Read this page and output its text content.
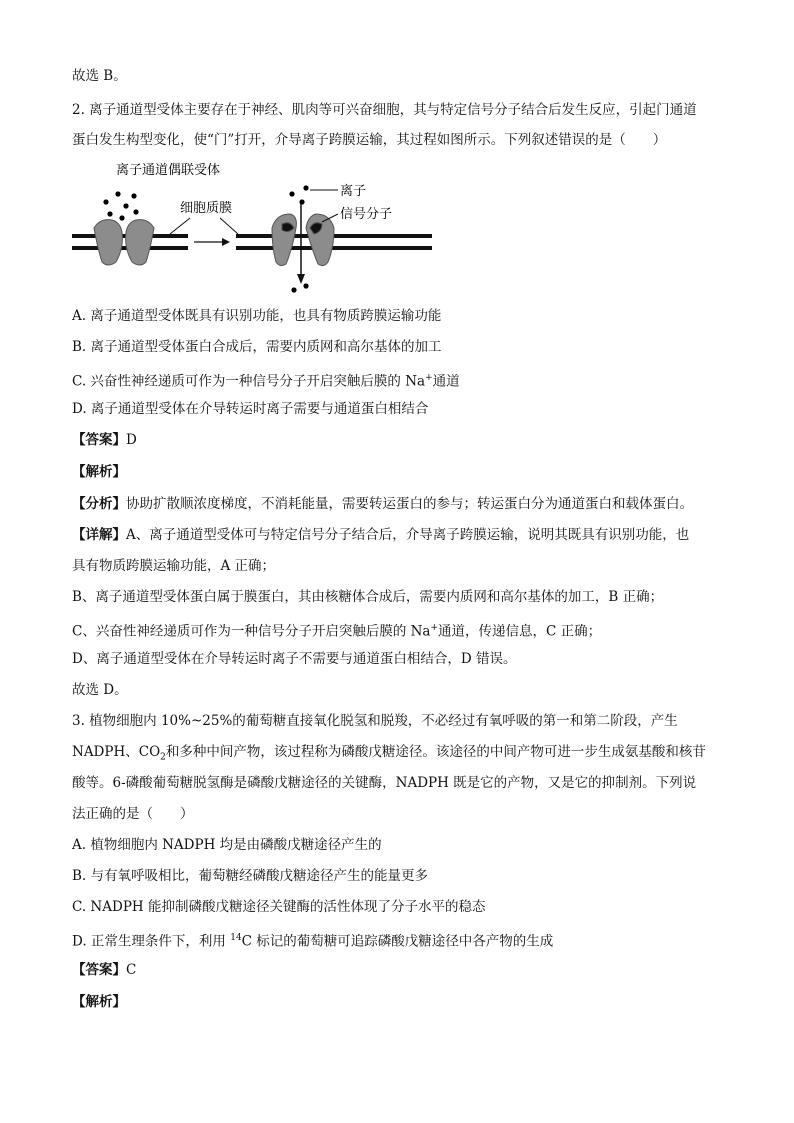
故选 B。
2. 离子通道型受体主要存在于神经、肌肉等可兴奋细胞，其与特定信号分子结合后发生反应，引起门通道
蛋白发生构型变化，使“门”打开，介导离子跨膜运输，其过程如图所示。下列叙述错误的是（　　）
离子通道偶联受体
细胞质膜
离子
信号分子
A. 离子通道型受体既具有识别功能，也具有物质跨膜运输功能
B. 离子通道型受体蛋白合成后，需要内质网和高尔基体的加工
C. 兴奋性神经递质可作为一种信号分子开启突触后膜的 Na+通道
D. 离子通道型受体在介导转运时离子需要与通道蛋白相结合
【答案】D
【解析】
【分析】协助扩散顺浓度梯度，不消耗能量，需要转运蛋白的参与；转运蛋白分为通道蛋白和载体蛋白。
【详解】A、离子通道型受体可与特定信号分子结合后，介导离子跨膜运输，说明其既具有识别功能，也
具有物质跨膜运输功能，A 正确；
B、离子通道型受体蛋白属于膜蛋白，其由核糖体合成后，需要内质网和高尔基体的加工，B 正确；
C、兴奋性神经递质可作为一种信号分子开启突触后膜的 Na+通道，传递信息，C 正确；
D、离子通道型受体在介导转运时离子不需要与通道蛋白相结合，D 错误。
故选 D。
3. 植物细胞内 10%~25%的葡萄糖直接氧化脱氢和脱羧，不必经过有氧呼吸的第一和第二阶段，产生
NADPH、$CO_2$和多种中间产物，该过程称为磷酸戊糖途径。该途径的中间产物可进一步生成氨基酸和核苷
酸等。6-磷酸葡萄糖脱氢酶是磷酸戊糖途径的关键酶，NADPH 既是它的产物，又是它的抑制剂。下列说
法正确的是（　　）
A. 植物细胞内 NADPH 均是由磷酸戊糖途径产生的
B. 与有氧呼吸相比，葡萄糖经磷酸戊糖途径产生的能量更多
C. NADPH 能抑制磷酸戊糖途径关键酶的活性体现了分子水平的稳态
D. 正常生理条件下，利用 $^{14}$C 标记的葡萄糖可追踪磷酸戊糖途径中各产物的生成
【答案】C
【解析】
